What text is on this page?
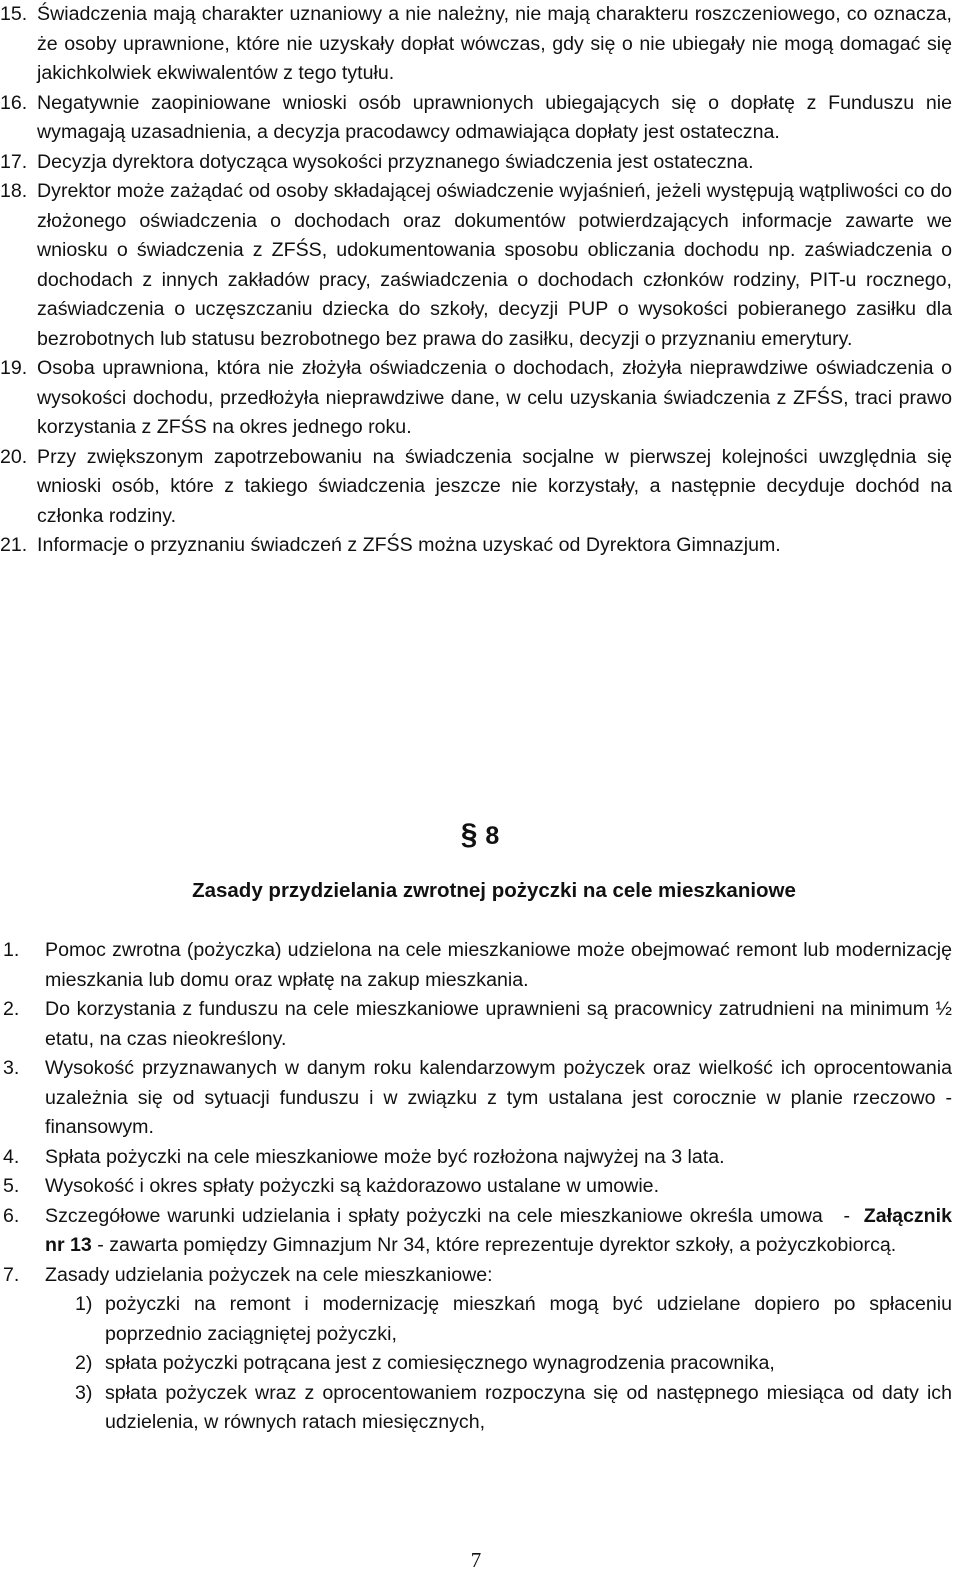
15. Świadczenia mają charakter uznaniowy a nie należny, nie mają charakteru roszczeniowego, co oznacza, że osoby uprawnione, które nie uzyskały dopłat wówczas, gdy się o nie ubiegały nie mogą domagać się jakichkolwiek ekwiwalentów z tego tytułu.
16. Negatywnie zaopiniowane wnioski osób uprawnionych ubiegających się o dopłatę z Funduszu nie wymagają uzasadnienia, a decyzja pracodawcy odmawiająca dopłaty jest ostateczna.
17. Decyzja dyrektora dotycząca wysokości przyznanego świadczenia jest ostateczna.
18. Dyrektor może zażądać od osoby składającej oświadczenie wyjaśnień, jeżeli występują wątpliwości co do złożonego oświadczenia o dochodach oraz dokumentów potwierdzających informacje zawarte we wniosku o świadczenia z ZFŚS, udokumentowania sposobu obliczania dochodu np. zaświadczenia o dochodach z innych zakładów pracy, zaświadczenia o dochodach członków rodziny, PIT-u rocznego, zaświadczenia o uczęszczaniu dziecka do szkoły, decyzji PUP o wysokości pobieranego zasiłku dla bezrobotnych lub statusu bezrobotnego bez prawa do zasiłku, decyzji o przyznaniu emerytury.
19. Osoba uprawniona, która nie złożyła oświadczenia o dochodach, złożyła nieprawdziwe oświadczenia o wysokości dochodu, przedłożyła nieprawdziwe dane, w celu uzyskania świadczenia z ZFŚS, traci prawo korzystania z ZFŚS na okres jednego roku.
20. Przy zwiększonym zapotrzebowaniu na świadczenia socjalne w pierwszej kolejności uwzględnia się wnioski osób, które z takiego świadczenia jeszcze nie korzystały, a następnie decyduje dochód na członka rodziny.
21. Informacje o przyznaniu świadczeń z ZFŚS można uzyskać od Dyrektora Gimnazjum.
§ 8
Zasady przydzielania zwrotnej pożyczki na cele mieszkaniowe
1.	Pomoc zwrotna (pożyczka) udzielona na cele mieszkaniowe może obejmować remont lub modernizację mieszkania lub domu oraz wpłatę na zakup mieszkania.
2.	Do korzystania z funduszu na cele mieszkaniowe uprawnieni są pracownicy zatrudnieni na minimum ½ etatu, na czas nieokreślony.
3.	Wysokość przyznawanych w danym roku kalendarzowym pożyczek oraz wielkość ich oprocentowania uzależnia się od sytuacji funduszu i w związku z tym ustalana jest corocznie w planie rzeczowo - finansowym.
4.	Spłata pożyczki na cele mieszkaniowe może być rozłożona najwyżej na 3 lata.
5.	Wysokość i okres spłaty pożyczki są każdorazowo ustalane w umowie.
6.	Szczegółowe warunki udzielania i spłaty pożyczki na cele mieszkaniowe określa umowa   -  Załącznik nr 13 - zawarta pomiędzy Gimnazjum Nr 34, które reprezentuje dyrektor szkoły, a pożyczkobiorcą.
7.	Zasady udzielania pożyczek na cele mieszkaniowe:
1) pożyczki na remont i modernizację mieszkań mogą być udzielane dopiero po spłaceniu poprzednio zaciągniętej pożyczki,
2) spłata pożyczki potrącana jest z comiesięcznego wynagrodzenia pracownika,
3) spłata pożyczek wraz z oprocentowaniem rozpoczyna się od następnego miesiąca od daty ich udzielenia, w równych ratach miesięcznych,
7
